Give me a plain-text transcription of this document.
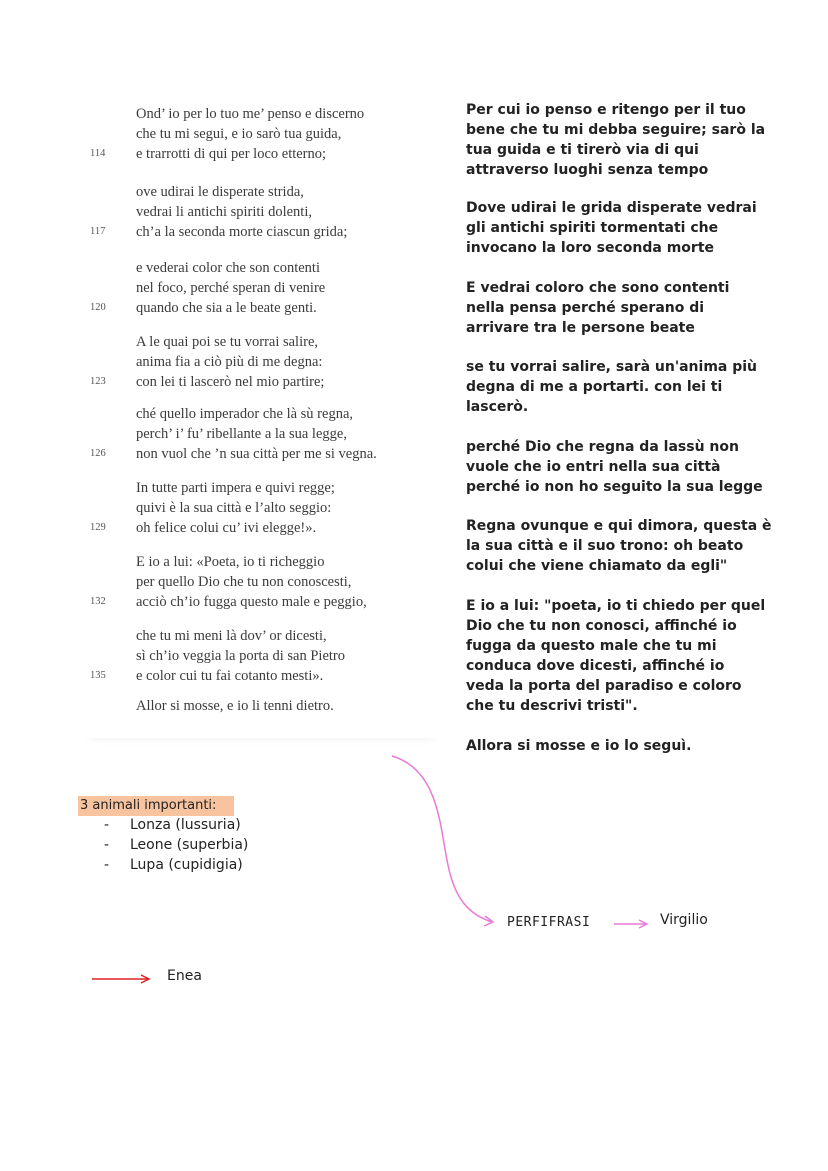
Ond’ io per lo tuo me’ penso e discerno
che tu mi segui, e io sarò tua guida,
e trarrotti di qui per loco etterno;
114
ove udirai le disperate strida,
vedrai li antichi spiriti dolenti,
ch’a la seconda morte ciascun grida;
117
e vederai color che son contenti
nel foco, perché speran di venire
quando che sia a le beate genti.
120
A le quai poi se tu vorrai salire,
anima fia a ciò più di me degna:
con lei ti lascerò nel mio partire;
123
ché quello imperador che là sù regna,
perch’ i’ fu’ ribellante a la sua legge,
non vuol che ’n sua città per me si vegna.
126
In tutte parti impera e quivi regge;
quivi è la sua città e l’alto seggio:
oh felice colui cu’ ivi elegge!».
129
E io a lui: «Poeta, io ti richeggio
per quello Dio che tu non conoscesti,
acciò ch’io fugga questo male e peggio,
132
che tu mi meni là dov’ or dicesti,
sì ch’io veggia la porta di san Pietro
e color cui tu fai cotanto mesti».
135
Allor si mosse, e io li tenni dietro.
Per cui io penso e ritengo per il tuo
bene che tu mi debba seguire; sarò la
tua guida e ti tirerò via di qui
attraverso luoghi senza tempo
Dove udirai le grida disperate vedrai
gli antichi spiriti tormentati che
invocano la loro seconda morte
E vedrai coloro che sono contenti
nella pensa perché sperano di
arrivare tra le persone beate
se tu vorrai salire, sarà un'anima più
degna di me a portarti. con lei ti
lascerò.
perché Dio che regna da lassù non
vuole che io entri nella sua città
perché io non ho seguito la sua legge
Regna ovunque e qui dimora, questa è
la sua città e il suo trono: oh beato
colui che viene chiamato da egli"
E io a lui: "poeta, io ti chiedo per quel
Dio che tu non conosci, affinché io
fugga da questo male che tu mi
conduca dove dicesti, affinché io
veda la porta del paradiso e coloro
che tu descrivi tristi".
Allora si mosse e io lo seguì.
3 animali importanti:
- Lonza (lussuria)
- Leone (superbia)
- Lupa (cupidigia)
PERFIFRASI	Virgilio
Enea
